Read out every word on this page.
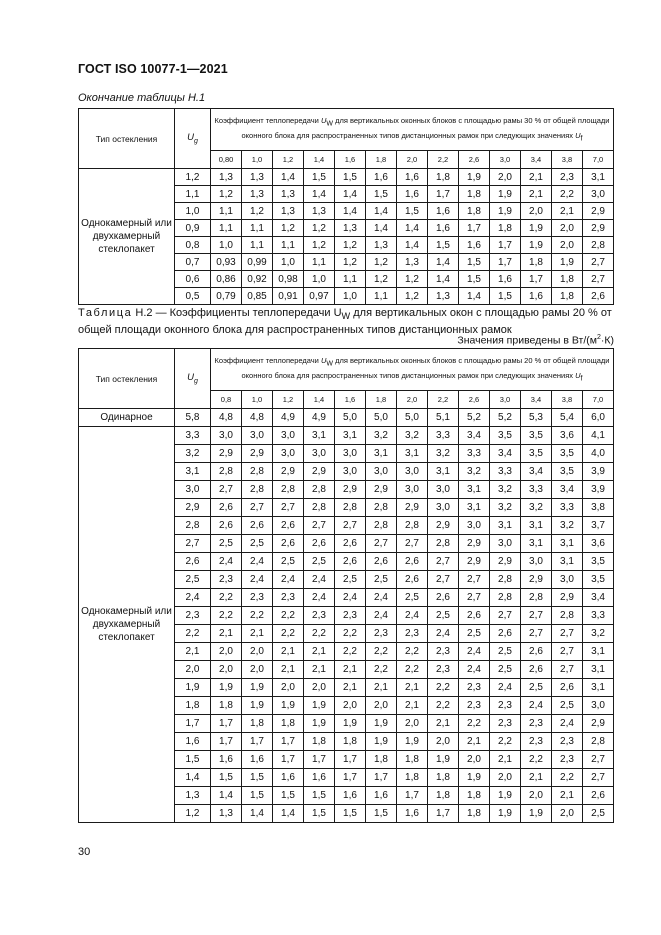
ГОСТ ISO 10077-1—2021
Окончание таблицы Н.1
Тип остекления	$U_g$	Коэффициент теплопередачи $U_W$ для вертикальных оконных блоков с площадью рамы 30 % от общей площади оконного блока для распространенных типов дистанционных рамок при следующих значениях $U_f$
		0,80	1,0	1,2	1,4	1,6	1,8	2,0	2,2	2,6	3,0	3,4	3,8	7,0
Однокамерный или двухкамерный стеклопакет	1,2	1,3	1,3	1,4	1,5	1,5	1,6	1,6	1,8	1,9	2,0	2,1	2,3	3,1
	1,1	1,2	1,3	1,3	1,4	1,4	1,5	1,6	1,7	1,8	1,9	2,1	2,2	3,0
	1,0	1,1	1,2	1,3	1,3	1,4	1,4	1,5	1,6	1,8	1,9	2,0	2,1	2,9
	0,9	1,1	1,1	1,2	1,2	1,3	1,4	1,4	1,6	1,7	1,8	1,9	2,0	2,9
	0,8	1,0	1,1	1,1	1,2	1,2	1,3	1,4	1,5	1,6	1,7	1,9	2,0	2,8
	0,7	0,93	0,99	1,0	1,1	1,2	1,2	1,3	1,4	1,5	1,7	1,8	1,9	2,7
	0,6	0,86	0,92	0,98	1,0	1,1	1,2	1,2	1,4	1,5	1,6	1,7	1,8	2,7
	0,5	0,79	0,85	0,91	0,97	1,0	1,1	1,2	1,3	1,4	1,5	1,6	1,8	2,6
Таблица Н.2 — Коэффициенты теплопередачи $U_W$ для вертикальных окон с площадью рамы 20 % от общей площади оконного блока для распространенных типов дистанционных рамок
Значения приведены в $Вт/(м^2\cdot К)$
Тип остекления	$U_g$	Коэффициент теплопередачи $U_W$ для вертикальных оконных блоков с площадью рамы 20 % от общей площади оконного блока для распространенных типов дистанционных рамок при следующих значениях $U_f$
		0,8	1,0	1,2	1,4	1,6	1,8	2,0	2,2	2,6	3,0	3,4	3,8	7,0
Одинарное	5,8	4,8	4,8	4,9	4,9	5,0	5,0	5,0	5,1	5,2	5,2	5,3	5,4	6,0
Однокамерный или двухкамерный стеклопакет	3,3	3,0	3,0	3,0	3,1	3,1	3,2	3,2	3,3	3,4	3,5	3,5	3,6	4,1
	3,2	2,9	2,9	3,0	3,0	3,0	3,1	3,1	3,2	3,3	3,4	3,5	3,5	4,0
	3,1	2,8	2,8	2,9	2,9	3,0	3,0	3,0	3,1	3,2	3,3	3,4	3,5	3,9
	3,0	2,7	2,8	2,8	2,8	2,9	2,9	3,0	3,0	3,1	3,2	3,3	3,4	3,9
	2,9	2,6	2,7	2,7	2,8	2,8	2,8	2,9	3,0	3,1	3,2	3,2	3,3	3,8
	2,8	2,6	2,6	2,6	2,7	2,7	2,8	2,8	2,9	3,0	3,1	3,1	3,2	3,7
	2,7	2,5	2,5	2,6	2,6	2,6	2,7	2,7	2,8	2,9	3,0	3,1	3,1	3,6
	2,6	2,4	2,4	2,5	2,5	2,6	2,6	2,6	2,7	2,9	2,9	3,0	3,1	3,5
	2,5	2,3	2,4	2,4	2,4	2,5	2,5	2,6	2,7	2,7	2,8	2,9	3,0	3,5
	2,4	2,2	2,3	2,3	2,4	2,4	2,4	2,5	2,6	2,7	2,8	2,8	2,9	3,4
	2,3	2,2	2,2	2,2	2,3	2,3	2,4	2,4	2,5	2,6	2,7	2,7	2,8	3,3
	2,2	2,1	2,1	2,2	2,2	2,2	2,3	2,3	2,4	2,5	2,6	2,7	2,7	3,2
	2,1	2,0	2,0	2,1	2,1	2,2	2,2	2,2	2,3	2,4	2,5	2,6	2,7	3,1
	2,0	2,0	2,0	2,1	2,1	2,1	2,2	2,2	2,3	2,4	2,5	2,6	2,7	3,1
	1,9	1,9	1,9	2,0	2,0	2,1	2,1	2,1	2,2	2,3	2,4	2,5	2,6	3,1
	1,8	1,8	1,9	1,9	1,9	2,0	2,0	2,1	2,2	2,3	2,3	2,4	2,5	3,0
	1,7	1,7	1,8	1,8	1,9	1,9	1,9	2,0	2,1	2,2	2,3	2,3	2,4	2,9
	1,6	1,7	1,7	1,7	1,8	1,8	1,9	1,9	2,0	2,1	2,2	2,3	2,3	2,8
	1,5	1,6	1,6	1,7	1,7	1,7	1,8	1,8	1,9	2,0	2,1	2,2	2,3	2,7
	1,4	1,5	1,5	1,6	1,6	1,7	1,7	1,8	1,8	1,9	2,0	2,1	2,2	2,7
	1,3	1,4	1,5	1,5	1,5	1,6	1,6	1,7	1,8	1,8	1,9	2,0	2,1	2,6
	1,2	1,3	1,4	1,4	1,5	1,5	1,5	1,6	1,7	1,8	1,9	1,9	2,0	2,5
30
